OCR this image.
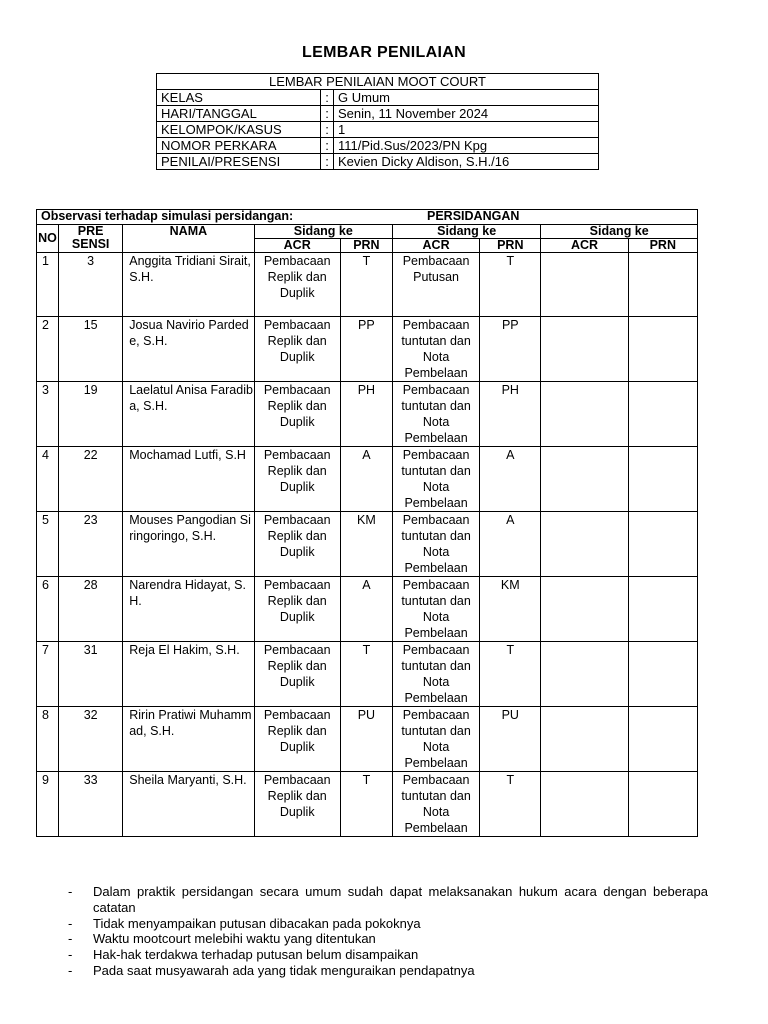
LEMBAR PENILAIAN
LEMBAR PENILAIAN MOOT COURT		
KELAS	:	G Umum
HARI/TANGGAL	:	Senin, 11 November 2024
KELOMPOK/KASUS	:	1
NOMOR PERKARA	:	111/Pid.Sus/2023/PN Kpg
PENILAI/PRESENSI	:	Kevien Dicky Aldison, S.H./16
Observasi terhadap simulasi persidangan: PERSIDANGAN								

NO	PRE SENSI	NAMA	Sidang ke		Sidang ke		Sidang ke	
			ACR	PRN	ACR	PRN	ACR	PRN
1	3	Anggita Tridiani Sirait, S.H.	Pembacaan Replik dan Duplik	T	Pembacaan Putusan	T		
2	15	Josua Navirio Pardede, S.H.	Pembacaan Replik dan Duplik	PP	Pembacaan tuntutan dan Nota Pembelaan	PP		
3	19	Laelatul Anisa Faradiba, S.H.	Pembacaan Replik dan Duplik	PH	Pembacaan tuntutan dan Nota Pembelaan	PH		
4	22	Mochamad Lutfi, S.H	Pembacaan Replik dan Duplik	A	Pembacaan tuntutan dan Nota Pembelaan	A		
5	23	Mouses Pangodian Siringoringo, S.H.	Pembacaan Replik dan Duplik	KM	Pembacaan tuntutan dan Nota Pembelaan	A		
6	28	Narendra Hidayat, S.H.	Pembacaan Replik dan Duplik	A	Pembacaan tuntutan dan Nota Pembelaan	KM		
7	31	Reja El Hakim, S.H.	Pembacaan Replik dan Duplik	T	Pembacaan tuntutan dan Nota Pembelaan	T		
8	32	Ririn Pratiwi Muhammad, S.H.	Pembacaan Replik dan Duplik	PU	Pembacaan tuntutan dan Nota Pembelaan	PU		
9	33	Sheila Maryanti, S.H.	Pembacaan Replik dan Duplik	T	Pembacaan tuntutan dan Nota Pembelaan	T		
- Dalam praktik persidangan secara umum sudah dapat melaksanakan hukum acara dengan beberapa catatan
- Tidak menyampaikan putusan dibacakan pada pokoknya
- Waktu mootcourt melebihi waktu yang ditentukan
- Hak-hak terdakwa terhadap putusan belum disampaikan
- Pada saat musyawarah ada yang tidak menguraikan pendapatnya
